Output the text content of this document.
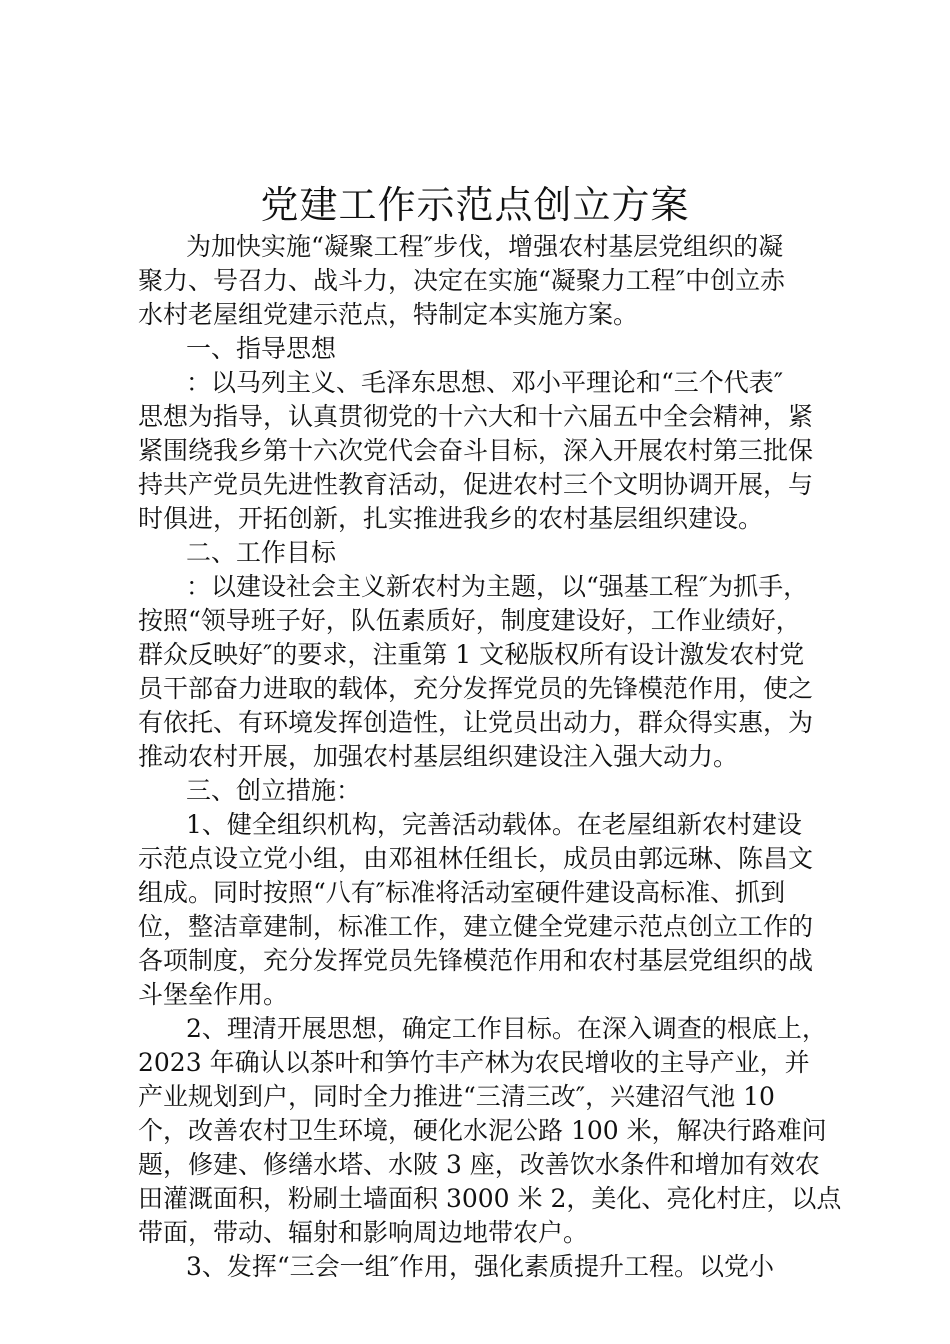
党建工作示范点创立方案

为加快实施“凝聚工程″步伐，增强农村基层党组织的凝

聚力、号召力、战斗力，决定在实施“凝聚力工程″中创立赤

水村老屋组党建示范点，特制定本实施方案。

一、指导思想

：以马列主义、毛泽东思想、邓小平理论和“三个代表″

思想为指导，认真贯彻党的十六大和十六届五中全会精神，紧

紧围绕我乡第十六次党代会奋斗目标，深入开展农村第三批保

持共产党员先进性教育活动，促进农村三个文明协调开展，与

时俱进，开拓创新，扎实推进我乡的农村基层组织建设。

二、工作目标

：以建设社会主义新农村为主题，以“强基工程″为抓手，

按照“领导班子好，队伍素质好，制度建设好，工作业绩好，

群众反映好″的要求，注重第 1 文秘版权所有设计激发农村党

员干部奋力进取的载体，充分发挥党员的先锋模范作用，使之

有依托、有环境发挥创造性，让党员出动力，群众得实惠，为

推动农村开展，加强农村基层组织建设注入强大动力。

三、创立措施：

1、健全组织机构，完善活动载体。在老屋组新农村建设

示范点设立党小组，由邓祖林任组长，成员由郭远琳、陈昌文

组成。同时按照“八有″标准将活动室硬件建设高标准、抓到

位，整洁章建制，标准工作，建立健全党建示范点创立工作的

各项制度，充分发挥党员先锋模范作用和农村基层党组织的战

斗堡垒作用。

2、理清开展思想，确定工作目标。在深入调查的根底上，

2023 年确认以茶叶和笋竹丰产林为农民增收的主导产业，并

产业规划到户，同时全力推进“三清三改″，兴建沼气池 10

个，改善农村卫生环境，硬化水泥公路 100 米，解决行路难问

题，修建、修缮水塔、水陂 3 座，改善饮水条件和增加有效农

田灌溉面积，粉刷土墙面积 3000 米 2，美化、亮化村庄，以点

带面，带动、辐射和影响周边地带农户。

3、发挥“三会一组″作用，强化素质提升工程。以党小
